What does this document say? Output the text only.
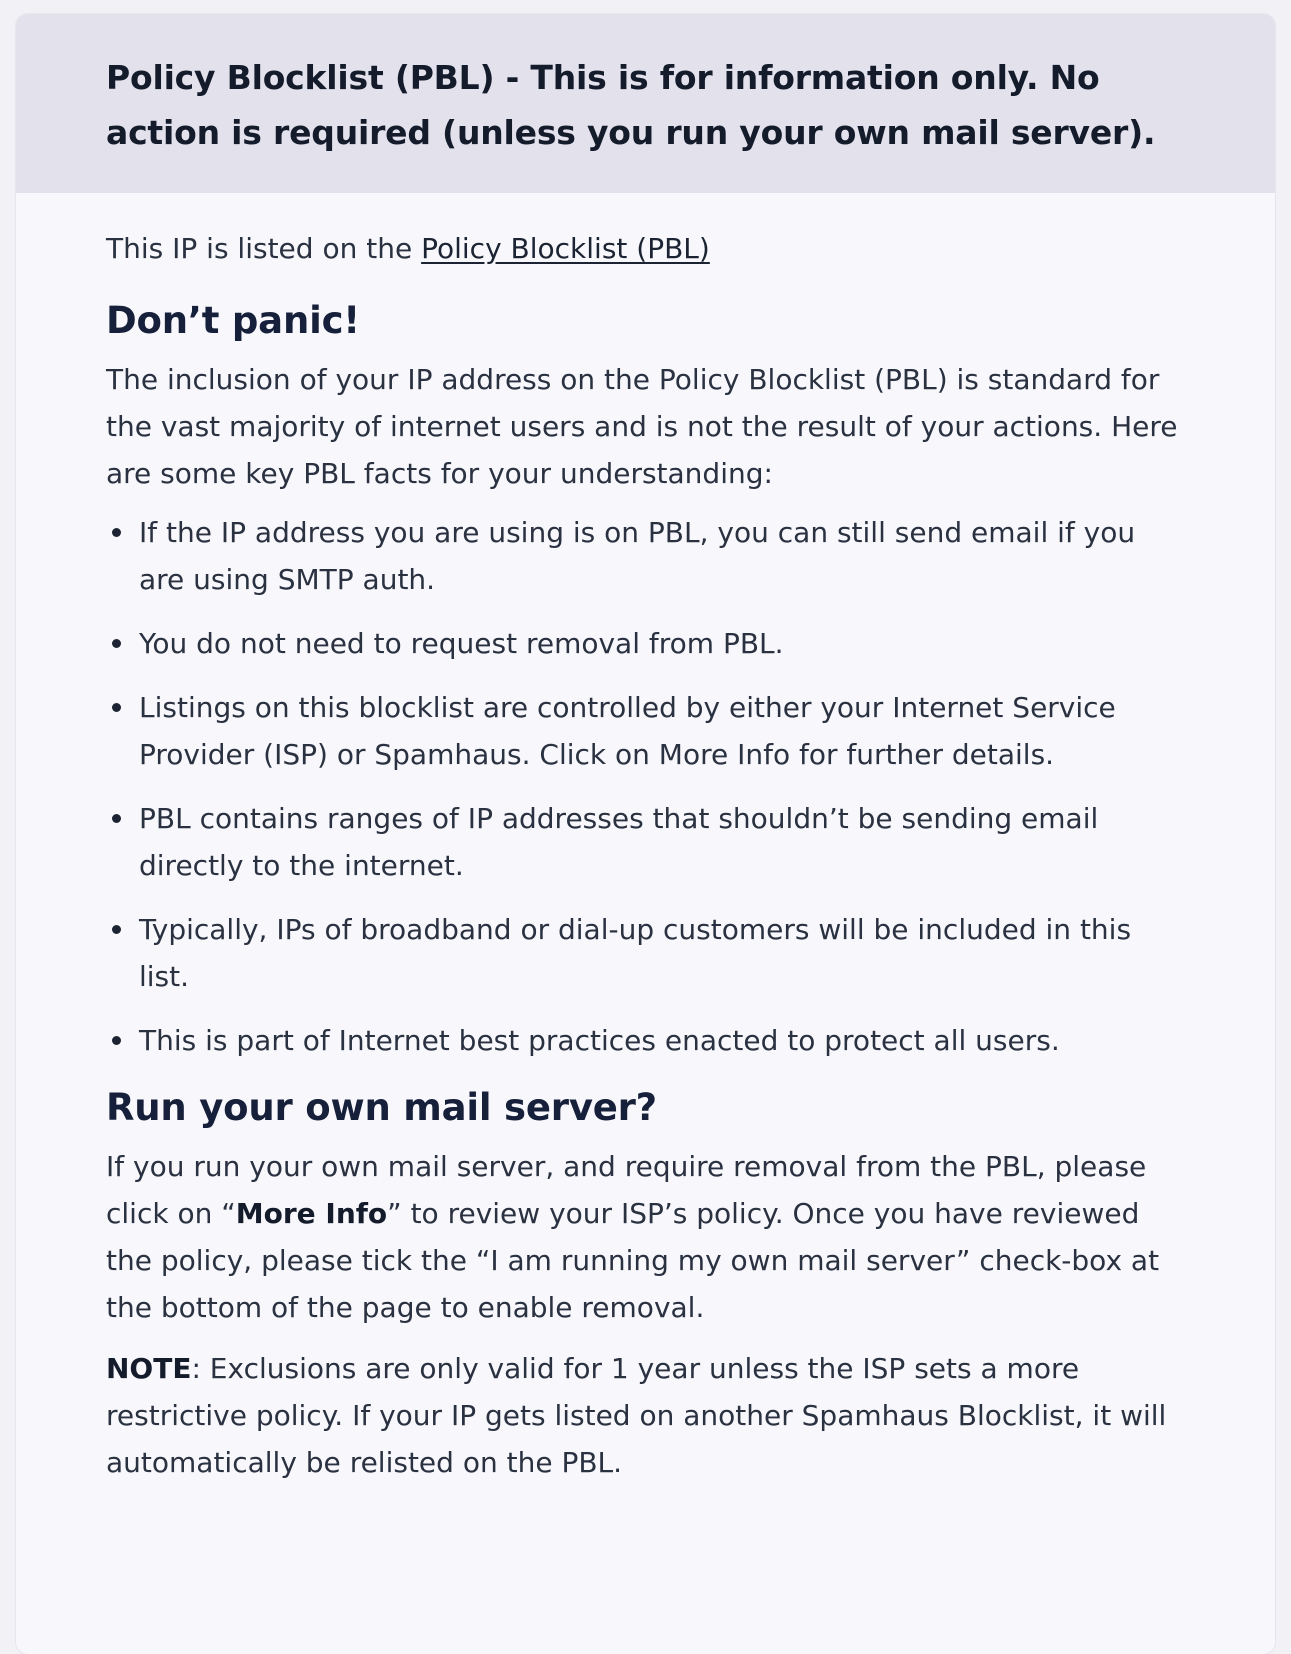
Policy Blocklist (PBL) - This is for information only. No action is required (unless you run your own mail server).

This IP is listed on the Policy Blocklist (PBL)

Don’t panic!

The inclusion of your IP address on the Policy Blocklist (PBL) is standard for the vast majority of internet users and is not the result of your actions. Here are some key PBL facts for your understanding:

If the IP address you are using is on PBL, you can still send email if you are using SMTP auth.
You do not need to request removal from PBL.
Listings on this blocklist are controlled by either your Internet Service Provider (ISP) or Spamhaus. Click on More Info for further details.
PBL contains ranges of IP addresses that shouldn’t be sending email directly to the internet.
Typically, IPs of broadband or dial-up customers will be included in this list.
This is part of Internet best practices enacted to protect all users.
Run your own mail server?

If you run your own mail server, and require removal from the PBL, please click on “More Info” to review your ISP’s policy. Once you have reviewed the policy, please tick the “I am running my own mail server” check-box at the bottom of the page to enable removal.

NOTE: Exclusions are only valid for 1 year unless the ISP sets a more restrictive policy. If your IP gets listed on another Spamhaus Blocklist, it will automatically be relisted on the PBL.
